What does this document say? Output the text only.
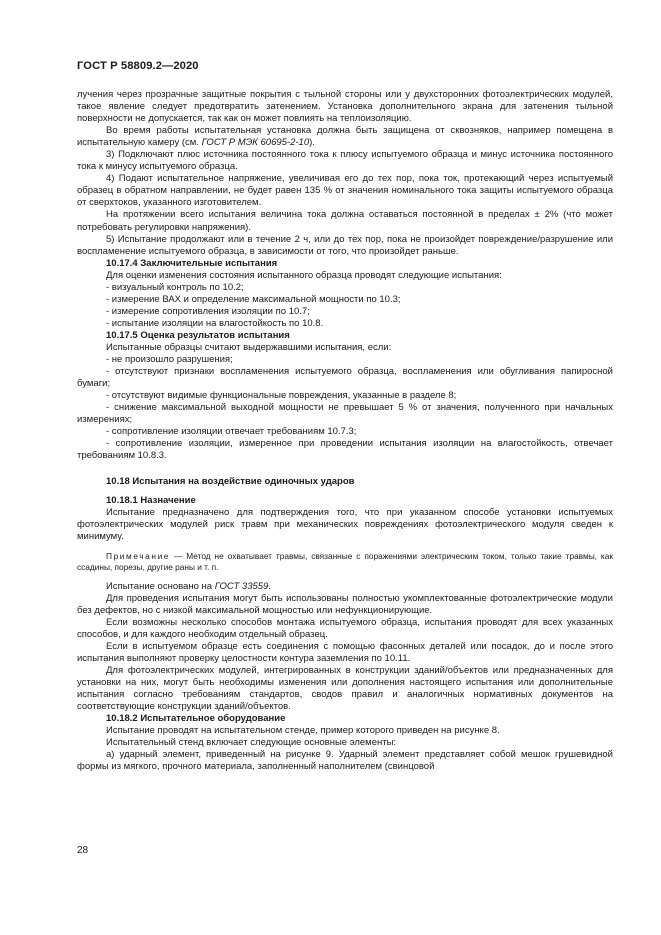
ГОСТ Р 58809.2—2020

лучения через прозрачные защитные покрытия с тыльной стороны или у двухсторонних фотоэлектрических модулей, такое явление следует предотвратить затенением. Установка дополнительного экрана для затенения тыльной поверхности не допускается, так как он может повлиять на теплоизоляцию.

Во время работы испытательная установка должна быть защищена от сквозняков, например помещена в испытательную камеру (см. ГОСТ Р МЭК 60695-2-10).

3) Подключают плюс источника постоянного тока к плюсу испытуемого образца и минус источника постоянного тока к минусу испытуемого образца.

4) Подают испытательное напряжение, увеличивая его до тех пор, пока ток, протекающий через испытуемый образец в обратном направлении, не будет равен 135 % от значения номинального тока защиты испытуемого образца от сверхтоков, указанного изготовителем.

На протяжении всего испытания величина тока должна оставаться постоянной в пределах ± 2% (что может потребовать регулировки напряжения).

5) Испытание продолжают или в течение 2 ч, или до тех пор, пока не произойдет повреждение/разрушение или воспламенение испытуемого образца, в зависимости от того, что произойдет раньше.

10.17.4 Заключительные испытания

Для оценки изменения состояния испытанного образца проводят следующие испытания:

- визуальный контроль по 10.2;

- измерение ВАХ и определение максимальной мощности по 10.3;

- измерение сопротивления изоляции по 10.7;

- испытание изоляции на влагостойкость по 10.8.

10.17.5 Оценка результатов испытания

Испытанные образцы считают выдержавшими испытания, если:

- не произошло разрушения;

- отсутствуют признаки воспламенения испытуемого образца, воспламенения или обугливания папиросной бумаги;

- отсутствуют видимые функциональные повреждения, указанные в разделе 8;

- снижение максимальной выходной мощности не превышает 5 % от значения, полученного при начальных измерениях;

- сопротивление изоляции отвечает требованиям 10.7.3;

- сопротивление изоляции, измеренное при проведении испытания изоляции на влагостойкость, отвечает требованиям 10.8.3.

10.18 Испытания на воздействие одиночных ударов

10.18.1 Назначение

Испытание предназначено для подтверждения того, что при указанном способе установки испытуемых фотоэлектрических модулей риск травм при механических повреждениях фотоэлектрического модуля сведен к минимуму.

Примечание — Метод не охватывает травмы, связанные с поражениями электрическим током, только такие травмы, как ссадины, порезы, другие раны и т. п.

Испытание основано на ГОСТ 33559.

Для проведения испытания могут быть использованы полностью укомплектованные фотоэлектрические модули без дефектов, но с низкой максимальной мощностью или нефункционирующие.

Если возможны несколько способов монтажа испытуемого образца, испытания проводят для всех указанных способов, и для каждого необходим отдельный образец.

Если в испытуемом образце есть соединения с помощью фасонных деталей или посадок, до и после этого испытания выполняют проверку целостности контура заземления по 10.11.

Для фотоэлектрических модулей, интегрированных в конструкции зданий/объектов или предназначенных для установки на них, могут быть необходимы изменения или дополнения настоящего испытания или дополнительные испытания согласно требованиям стандартов, сводов правил и аналогичных нормативных документов на соответствующие конструкции зданий/объектов.

10.18.2 Испытательное оборудование

Испытание проводят на испытательном стенде, пример которого приведен на рисунке 8.

Испытательный стенд включает следующие основные элементы:

а) ударный элемент, приведенный на рисунке 9. Ударный элемент представляет собой мешок грушевидной формы из мягкого, прочного материала, заполненный наполнителем (свинцовой

28
